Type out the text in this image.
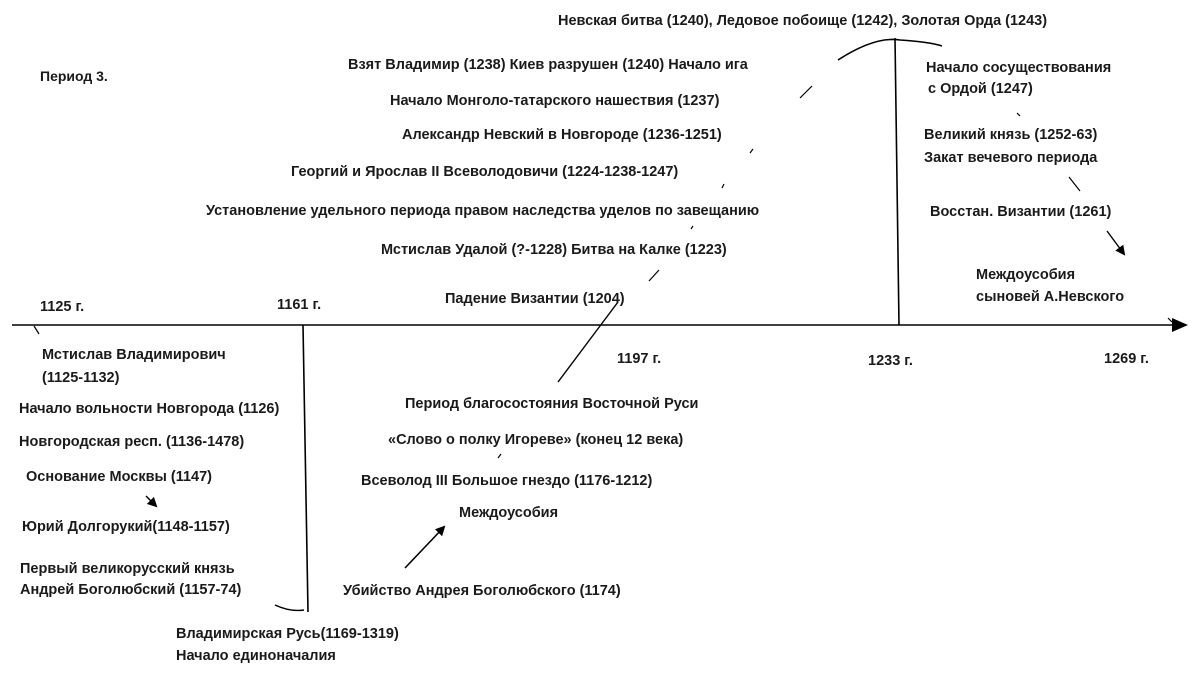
Период 3.
1125 г.	1161 г.
1197 г.	1233 г.	1269 г.
Невская битва (1240), Ледовое побоище (1242), Золотая Орда (1243)
Взят Владимир (1238) Киев разрушен (1240) Начало ига
Начало Монголо-татарского нашествия (1237)
Александр Невский в Новгороде (1236-1251)
Георгий и Ярослав II Всеволодовичи (1224-1238-1247)
Установление удельного периода правом наследства уделов по завещанию
Мстислав Удалой (?-1228) Битва на Калке (1223)
Падение Византии (1204)
Начало сосуществования
с Ордой (1247)
Великий князь (1252-63)
Закат вечевого периода
Восстан. Византии (1261)
Междоусобия
сыновей А.Невского
Мстислав Владимирович
(1125-1132)
Начало вольности Новгорода (1126)
Новгородская респ. (1136-1478)
Основание Москвы (1147)
Юрий Долгорукий(1148-1157)
Первый великорусский князь
Андрей Боголюбский (1157-74)
Период благосостояния Восточной Руси
«Слово о полку Игореве» (конец 12 века)
Всеволод III Большое гнездо (1176-1212)
Междоусобия
Убийство Андрея Боголюбского (1174)
Владимирская Русь(1169-1319)
Начало единоначалия
